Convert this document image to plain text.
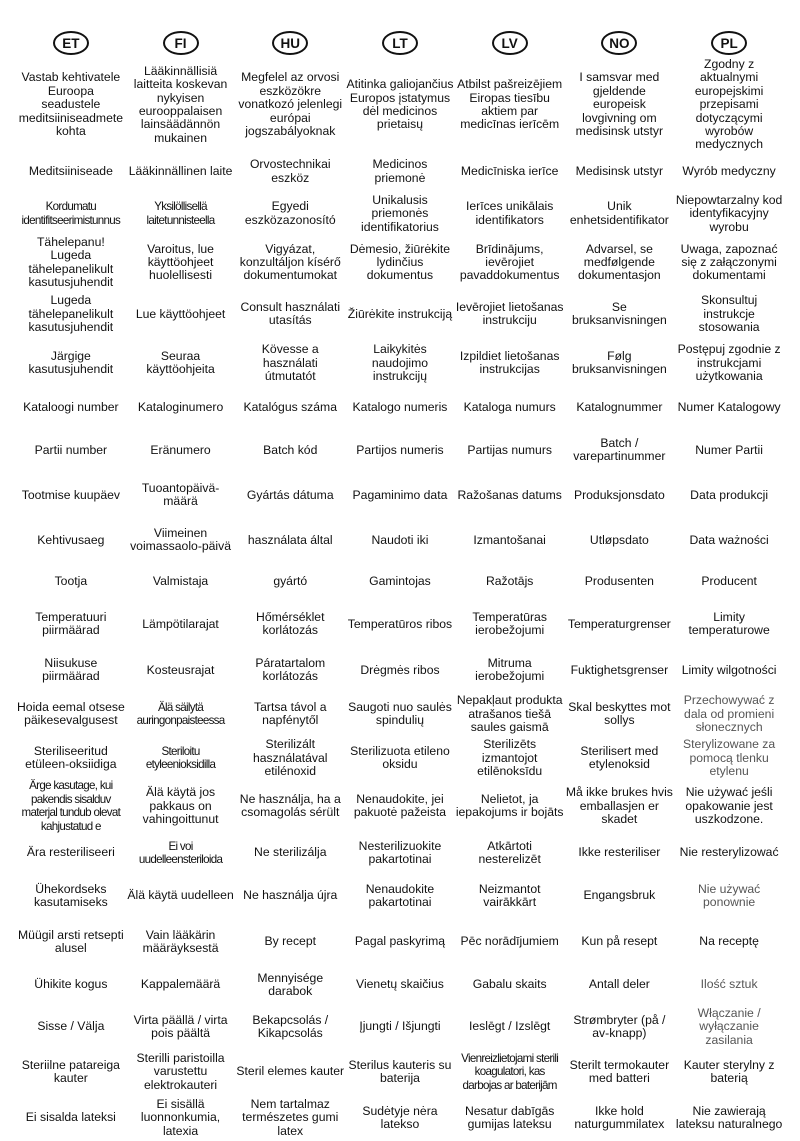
ET	FI	HU	LT	LV	NO	PL
Vastab kehtivatele Euroopa seadustele meditsiiniseadmete kohta	Lääkinnällisiä laitteita koskevan nykyisen eurooppalaisen lainsäädännön mukainen	Megfelel az orvosi eszközökre vonatkozó jelenlegi európai jogszabályoknak	Atitinka galiojančius Europos įstatymus dėl medicinos prietaisų	Atbilst pašreizējiem Eiropas tiesību aktiem par medicīnas ierīcēm	I samsvar med gjeldende europeisk lovgivning om medisinsk utstyr	Zgodny z aktualnymi europejskimi przepisami dotyczącymi wyrobów medycznych
Meditsiiniseade	Lääkinnällinen laite	Orvostechnikai eszköz	Medicinos priemonė	Medicīniska ierīce	Medisinsk utstyr	Wyrób medyczny
Kordumatu identifitseerimistunnus	Yksilöllisellä laitetunnisteella	Egyedi eszközazonosító	Unikalusis priemonės identifikatorius	Ierīces unikālais identifikators	Unik enhetsidentifikator	Niepowtarzalny kod identyfikacyjny wyrobu
Tähelepanu! Lugeda tähelepanelikult kasutusjuhendit	Varoitus, lue käyttöohjeet huolellisesti	Vigyázat, konzultáljon kísérő dokumentumokat	Dėmesio, žiūrėkite lydinčius dokumentus	Brīdinājums, ievērojiet pavaddokumentus	Advarsel, se medfølgende dokumentasjon	Uwaga, zapoznać się z załączonymi dokumentami
Lugeda tähelepanelikult kasutusjuhendit	Lue käyttöohjeet	Consult használati utasítás	Žiūrėkite instrukciją	Ievērojiet lietošanas instrukciju	Se bruksanvisningen	Skonsultuj instrukcje stosowania
Järgige kasutusjuhendit	Seuraa käyttöohjeita	Kövesse a használati útmutatót	Laikykitės naudojimo instrukcijų	Izpildiet lietošanas instrukcijas	Følg bruksanvisningen	Postępuj zgodnie z instrukcjami użytkowania
Kataloogi number	Kataloginumero	Katalógus száma	Katalogo numeris	Kataloga numurs	Katalognummer	Numer Katalogowy
Partii number	Eränumero	Batch kód	Partijos numeris	Partijas numurs	Batch / varepartinummer	Numer Partii
Tootmise kuupäev	Tuoantopäivä-määrä	Gyártás dátuma	Pagaminimo data	Ražošanas datums	Produksjonsdato	Data produkcji
Kehtivusaeg	Viimeinen voimassaolo-päivä	használata által	Naudoti iki	Izmantošanai	Utløpsdato	Data ważności
Tootja	Valmistaja	gyártó	Gamintojas	Ražotājs	Produsenten	Producent
Temperatuuri piirmäärad	Lämpötilarajat	Hőmérséklet korlátozás	Temperatūros ribos	Temperatūras ierobežojumi	Temperaturgrenser	Limity temperaturowe
Niisukuse piirmäärad	Kosteusrajat	Páratartalom korlátozás	Drėgmės ribos	Mitruma ierobežojumi	Fuktighetsgrenser	Limity wilgotności
Hoida eemal otsese päikesevalgusest	Älä säilytä auringonpaisteessa	Tartsa távol a napfénytől	Saugoti nuo saulės spindulių	Nepakļaut produkta atrašanos tiešā saules gaismā	Skal beskyttes mot sollys	Przechowywać z dala od promieni słonecznych
Steriliseeritud etüleen-oksiidiga	Steriloitu etyleenioksidilla	Sterilizált használatával etilénoxid	Sterilizuota etileno oksidu	Sterilizēts izmantojot etilēnoksīdu	Sterilisert med etylenoksid	Sterylizowane za pomocą tlenku etylenu
Ärge kasutage, kui pakendis sisalduv materjal tundub olevat kahjustatud e	Älä käytä jos pakkaus on vahingoittunut	Ne használja, ha a csomagolás sérült	Nenaudokite, jei pakuotė pažeista	Nelietot, ja iepakojums ir bojāts	Må ikke brukes hvis emballasjen er skadet	Nie używać jeśli opakowanie jest uszkodzone.
Ära resteriliseeri	Ei voi uudelleensteriloida	Ne sterilizálja	Nesterilizuokite pakartotinai	Atkārtoti nesterelizēt	Ikke resteriliser	Nie resterylizować
Ühekordseks kasutamiseks	Älä käytä uudelleen	Ne használja újra	Nenaudokite pakartotinai	Neizmantot vairākkārt	Engangsbruk	Nie używać ponownie
Müügil arsti retsepti alusel	Vain lääkärin määräyksestä	By recept	Pagal paskyrimą	Pēc norādījumiem	Kun på resept	Na receptę
Ühikite kogus	Kappalemäärä	Mennyisége darabok	Vienetų skaičius	Gabalu skaits	Antall deler	Ilość sztuk
Sisse / Välja	Virta päällä / virta pois päältä	Bekapcsolás / Kikapcsolás	Įjungti / Išjungti	Ieslēgt / Izslēgt	Strømbryter (på / av-knapp)	Włączanie / wyłączanie zasilania
Steriilne patareiga kauter	Sterilli paristoilla varustettu elektrokauteri	Steril elemes kauter	Sterilus kauteris su baterija	Vienreizlietojami sterili koagulatori, kas darbojas ar baterijām	Sterilt termokauter med batteri	Kauter sterylny z baterią
Ei sisalda lateksi	Ei sisällä luonnonkumia, latexia	Nem tartalmaz természetes gumi latex	Sudėtyje nėra latekso	Nesatur dabīgās gumijas lateksu	Ikke hold naturgummilatex	Nie zawierają lateksu naturalnego
